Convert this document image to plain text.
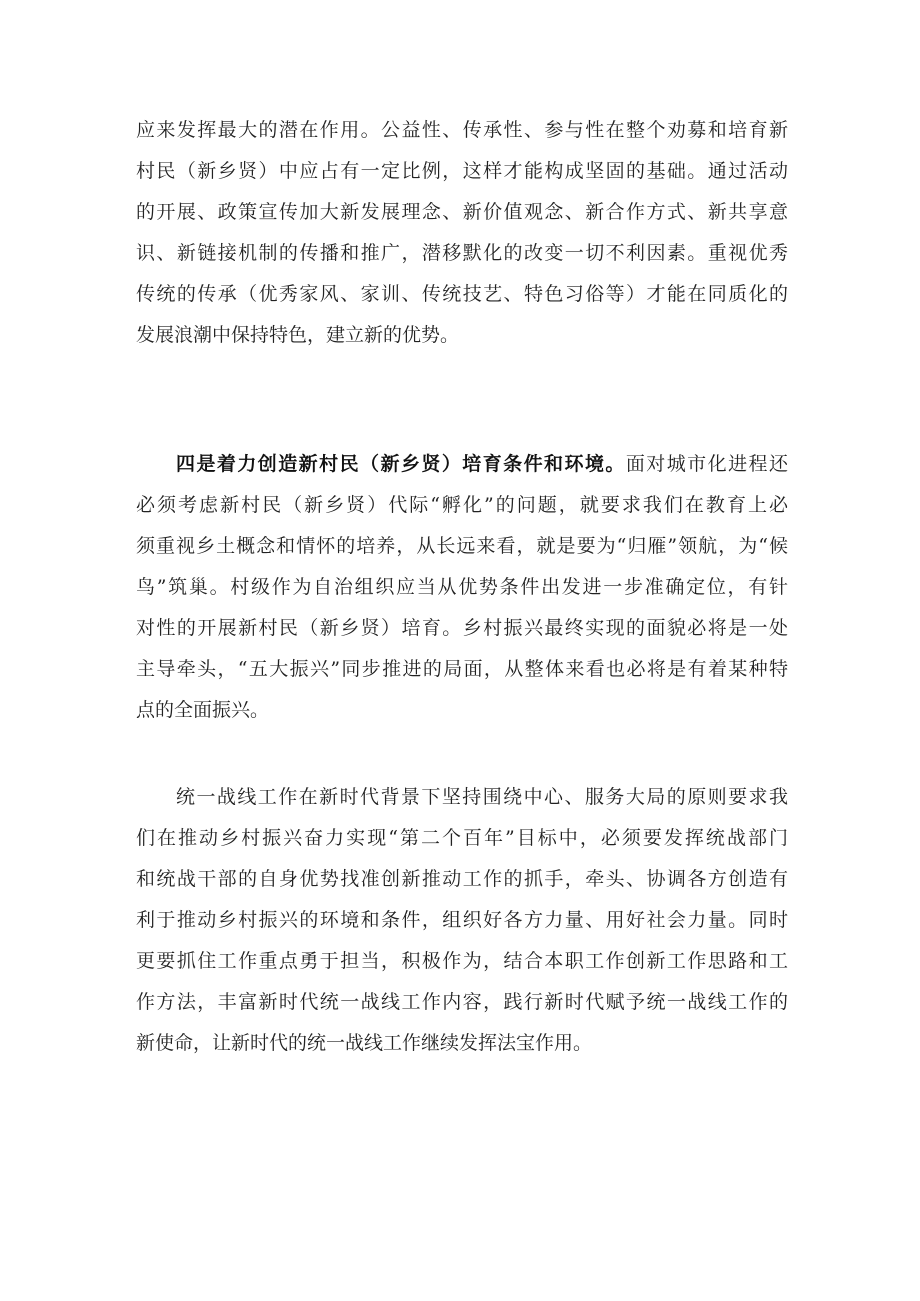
应来发挥最大的潜在作用。公益性、传承性、参与性在整个劝募和培育新
村民（新乡贤）中应占有一定比例，这样才能构成坚固的基础。通过活动
的开展、政策宣传加大新发展理念、新价值观念、新合作方式、新共享意
识、新链接机制的传播和推广，潜移默化的改变一切不利因素。重视优秀
传统的传承（优秀家风、家训、传统技艺、特色习俗等）才能在同质化的
发展浪潮中保持特色，建立新的优势。
四是着力创造新村民（新乡贤）培育条件和环境。面对城市化进程还
必须考虑新村民（新乡贤）代际“孵化”的问题，就要求我们在教育上必
须重视乡土概念和情怀的培养，从长远来看，就是要为“归雁”领航，为“候
鸟”筑巢。村级作为自治组织应当从优势条件出发进一步准确定位，有针
对性的开展新村民（新乡贤）培育。乡村振兴最终实现的面貌必将是一处
主导牵头，“五大振兴”同步推进的局面，从整体来看也必将是有着某种特
点的全面振兴。
统一战线工作在新时代背景下坚持围绕中心、服务大局的原则要求我
们在推动乡村振兴奋力实现“第二个百年”目标中，必须要发挥统战部门
和统战干部的自身优势找准创新推动工作的抓手，牵头、协调各方创造有
利于推动乡村振兴的环境和条件，组织好各方力量、用好社会力量。同时
更要抓住工作重点勇于担当，积极作为，结合本职工作创新工作思路和工
作方法，丰富新时代统一战线工作内容，践行新时代赋予统一战线工作的
新使命，让新时代的统一战线工作继续发挥法宝作用。
